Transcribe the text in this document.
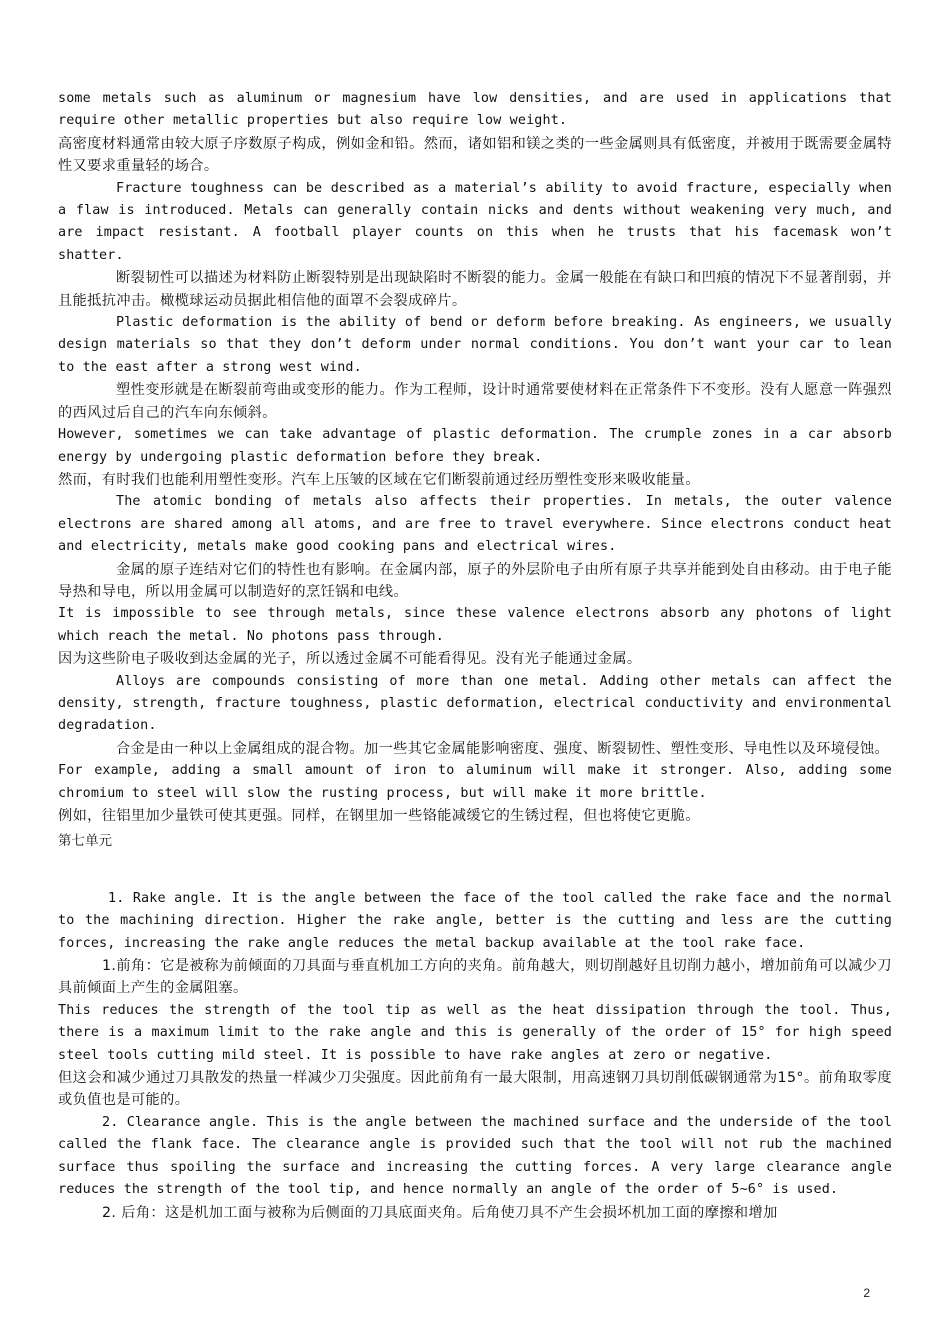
some metals such as aluminum or magnesium have low densities, and are used in applications that require other metallic properties but also require low weight.

高密度材料通常由较大原子序数原子构成，例如金和铅。然而，诸如铝和镁之类的一些金属则具有低密度，并被用于既需要金属特性又要求重量轻的场合。

Fracture toughness can be described as a material’s ability to avoid fracture, especially when a flaw is introduced. Metals can generally contain nicks and dents without weakening very much, and are impact resistant. A football player counts on this when he trusts that his facemask won’t shatter.

断裂韧性可以描述为材料防止断裂特别是出现缺陷时不断裂的能力。金属一般能在有缺口和凹痕的情况下不显著削弱，并且能抵抗冲击。橄榄球运动员据此相信他的面罩不会裂成碎片。

Plastic deformation is the ability of bend or deform before breaking. As engineers, we usually design materials so that they don’t deform under normal conditions. You don’t want your car to lean to the east after a strong west wind.

塑性变形就是在断裂前弯曲或变形的能力。作为工程师，设计时通常要使材料在正常条件下不变形。没有人愿意一阵强烈的西风过后自己的汽车向东倾斜。

However, sometimes we can take advantage of plastic deformation. The crumple zones in a car absorb energy by undergoing plastic deformation before they break.

然而，有时我们也能利用塑性变形。汽车上压皱的区域在它们断裂前通过经历塑性变形来吸收能量。

The atomic bonding of metals also affects their properties. In metals, the outer valence electrons are shared among all atoms, and are free to travel everywhere. Since electrons conduct heat and electricity, metals make good cooking pans and electrical wires.

金属的原子连结对它们的特性也有影响。在金属内部，原子的外层阶电子由所有原子共享并能到处自由移动。由于电子能导热和导电，所以用金属可以制造好的烹饪锅和电线。

It is impossible to see through metals, since these valence electrons absorb any photons of light which reach the metal. No photons pass through.

因为这些阶电子吸收到达金属的光子，所以透过金属不可能看得见。没有光子能通过金属。

Alloys are compounds consisting of more than one metal. Adding other metals can affect the density, strength, fracture toughness, plastic deformation, electrical conductivity and environmental degradation.

合金是由一种以上金属组成的混合物。加一些其它金属能影响密度、强度、断裂韧性、塑性变形、导电性以及环境侵蚀。

For example, adding a small amount of iron to aluminum will make it stronger. Also, adding some chromium to steel will slow the rusting process, but will make it more brittle.

例如，往铝里加少量铁可使其更强。同样，在钢里加一些铬能减缓它的生锈过程，但也将使它更脆。

第七单元

1. Rake angle. It is the angle between the face of the tool called the rake face and the normal to the machining direction. Higher the rake angle, better is the cutting and less are the cutting forces, increasing the rake angle reduces the metal backup available at the tool rake face.

1.前角：它是被称为前倾面的刀具面与垂直机加工方向的夹角。前角越大，则切削越好且切削力越小，增加前角可以减少刀具前倾面上产生的金属阻塞。

This reduces the strength of the tool tip as well as the heat dissipation through the tool. Thus, there is a maximum limit to the rake angle and this is generally of the order of 15° for high speed steel tools cutting mild steel. It is possible to have rake angles at zero or negative.

但这会和减少通过刀具散发的热量一样减少刀尖强度。因此前角有一最大限制，用高速钢刀具切削低碳钢通常为15°。前角取零度或负值也是可能的。

2. Clearance angle. This is the angle between the machined surface and the underside of the tool called the flank face. The clearance angle is provided such that the tool will not rub the machined surface thus spoiling the surface and increasing the cutting forces. A very large clearance angle reduces the strength of the tool tip, and hence normally an angle of the order of 5~6° is used.

2. 后角：这是机加工面与被称为后侧面的刀具底面夹角。后角使刀具不产生会损坏机加工面的摩擦和增加

2
